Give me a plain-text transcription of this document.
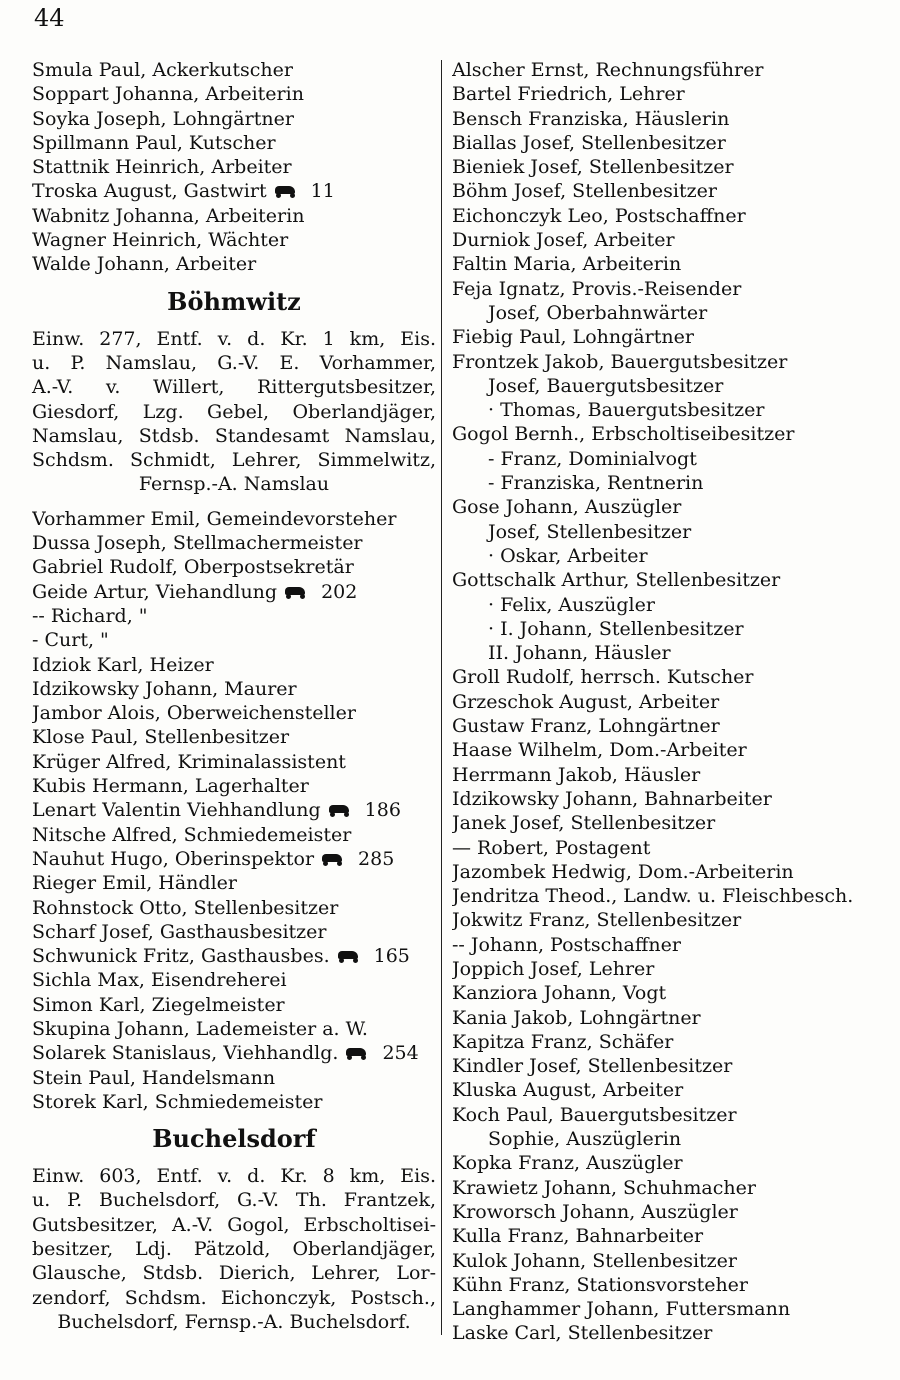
44
Smula Paul, Ackerkutscher
Soppart Johanna, Arbeiterin
Soyka Joseph, Lohngärtner
Spillmann Paul, Kutscher
Stattnik Heinrich, Arbeiter
Troska August, Gastwirt 11
Wabnitz Johanna, Arbeiterin
Wagner Heinrich, Wächter
Walde Johann, Arbeiter
Böhmwitz
Einw. 277, Entf. v. d. Kr. 1 km, Eis.
u. P. Namslau, G.-V. E. Vorhammer,
A.-V. v. Willert, Rittergutsbesitzer,
Giesdorf, Lzg. Gebel, Oberlandjäger,
Namslau, Stdsb. Standesamt Namslau,
Schdsm. Schmidt, Lehrer, Simmelwitz,
Fernsp.-A. Namslau
Vorhammer Emil, Gemeindevorsteher
Dussa Joseph, Stellmachermeister
Gabriel Rudolf, Oberpostsekretär
Geide Artur, Viehandlung 202
-- Richard, "
- Curt, "
Idziok Karl, Heizer
Idzikowsky Johann, Maurer
Jambor Alois, Oberweichensteller
Klose Paul, Stellenbesitzer
Krüger Alfred, Kriminalassistent
Kubis Hermann, Lagerhalter
Lenart Valentin Viehhandlung 186
Nitsche Alfred, Schmiedemeister
Nauhut Hugo, Oberinspektor 285
Rieger Emil, Händler
Rohnstock Otto, Stellenbesitzer
Scharf Josef, Gasthausbesitzer
Schwunick Fritz, Gasthausbes. 165
Sichla Max, Eisendreherei
Simon Karl, Ziegelmeister
Skupina Johann, Lademeister a. W.
Solarek Stanislaus, Viehhandlg. 254
Stein Paul, Handelsmann
Storek Karl, Schmiedemeister
Buchelsdorf
Einw. 603, Entf. v. d. Kr. 8 km, Eis.
u. P. Buchelsdorf, G.-V. Th. Frantzek,
Gutsbesitzer, A.-V. Gogol, Erbscholtisei-
besitzer, Ldj. Pätzold, Oberlandjäger,
Glausche, Stdsb. Dierich, Lehrer, Lor-
zendorf, Schdsm. Eichonczyk, Postsch.,
Buchelsdorf, Fernsp.-A. Buchelsdorf.
Alscher Ernst, Rechnungsführer
Bartel Friedrich, Lehrer
Bensch Franziska, Häuslerin
Biallas Josef, Stellenbesitzer
Bieniek Josef, Stellenbesitzer
Böhm Josef, Stellenbesitzer
Eichonczyk Leo, Postschaffner
Durniok Josef, Arbeiter
Faltin Maria, Arbeiterin
Feja Ignatz, Provis.-Reisender
Josef, Oberbahnwärter
Fiebig Paul, Lohngärtner
Frontzek Jakob, Bauergutsbesitzer
Josef, Bauergutsbesitzer
· Thomas, Bauergutsbesitzer
Gogol Bernh., Erbscholtiseibesitzer
- Franz, Dominialvogt
- Franziska, Rentnerin
Gose Johann, Auszügler
Josef, Stellenbesitzer
· Oskar, Arbeiter
Gottschalk Arthur, Stellenbesitzer
· Felix, Auszügler
· I. Johann, Stellenbesitzer
II. Johann, Häusler
Groll Rudolf, herrsch. Kutscher
Grzeschok August, Arbeiter
Gustaw Franz, Lohngärtner
Haase Wilhelm, Dom.-Arbeiter
Herrmann Jakob, Häusler
Idzikowsky Johann, Bahnarbeiter
Janek Josef, Stellenbesitzer
— Robert, Postagent
Jazombek Hedwig, Dom.-Arbeiterin
Jendritza Theod., Landw. u. Fleischbesch.
Jokwitz Franz, Stellenbesitzer
-- Johann, Postschaffner
Joppich Josef, Lehrer
Kanziora Johann, Vogt
Kania Jakob, Lohngärtner
Kapitza Franz, Schäfer
Kindler Josef, Stellenbesitzer
Kluska August, Arbeiter
Koch Paul, Bauergutsbesitzer
Sophie, Auszüglerin
Kopka Franz, Auszügler
Krawietz Johann, Schuhmacher
Kroworsch Johann, Auszügler
Kulla Franz, Bahnarbeiter
Kulok Johann, Stellenbesitzer
Kühn Franz, Stationsvorsteher
Langhammer Johann, Futtersmann
Laske Carl, Stellenbesitzer
